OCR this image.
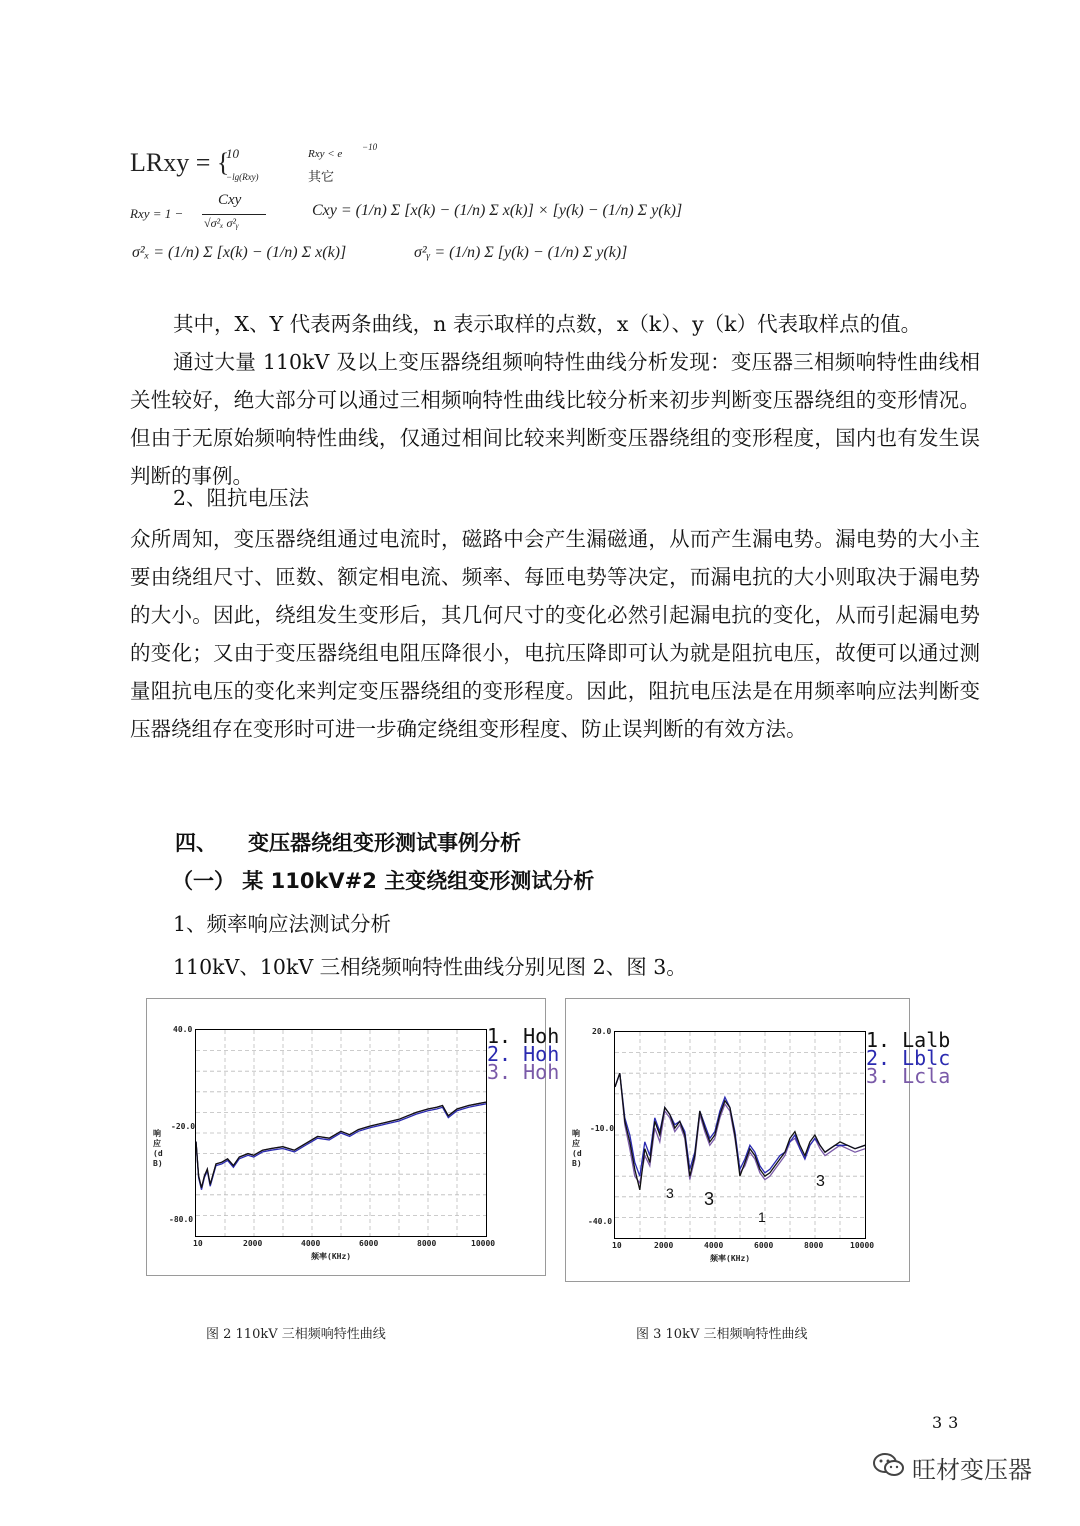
LRxy = {
10
−lg(Rxy)
Rxy < e
−10
其它
Rxy = 1 −
Cxy
√σ²ₓ σ²ᵧ
Cxy = (1/n) Σ [x(k) − (1/n) Σ x(k)] × [y(k) − (1/n) Σ y(k)]
σ²ₓ = (1/n) Σ [x(k) − (1/n) Σ x(k)]	σ²ᵧ = (1/n) Σ [y(k) − (1/n) Σ y(k)]
其中，X、Y 代表两条曲线，n 表示取样的点数，x（k）、y（k）代表取样点的值。
通过大量 110kV 及以上变压器绕组频响特性曲线分析发现：变压器三相频响特性曲线相关性较好，绝大部分可以通过三相频响特性曲线比较分析来初步判断变压器绕组的变形情况。但由于无原始频响特性曲线，仅通过相间比较来判断变压器绕组的变形程度，国内也有发生误判断的事例。
2、阻抗电压法
众所周知，变压器绕组通过电流时，磁路中会产生漏磁通，从而产生漏电势。漏电势的大小主要由绕组尺寸、匝数、额定相电流、频率、每匝电势等决定，而漏电抗的大小则取决于漏电势的大小。因此，绕组发生变形后，其几何尺寸的变化必然引起漏电抗的变化，从而引起漏电势的变化；又由于变压器绕组电阻压降很小，电抗压降即可认为就是阻抗电压，故便可以通过测量阻抗电压的变化来判定变压器绕组的变形程度。因此，阻抗电压法是在用频率响应法判断变压器绕组存在变形时可进一步确定绕组变形程度、防止误判断的有效方法。
四、 变压器绕组变形测试事例分析
（一） 某 110kV#2 主变绕组变形测试分析
1、频率响应法测试分析
110kV、10kV 三相绕频响特性曲线分别见图 2、图 3。
40.0
-20.0
-80.0
响应(dB)
10	2000	4000	6000	8000	10000
频率(KHz)
1. Hoh
2. Hoh
3. Hoh
图 2 110kV 三相频响特性曲线
20.0
-10.0
-40.0
响应(dB)
10	2000	4000	6000	8000	10000
频率(KHz)
1. Lalb
2. Lblc
3. Lcla
3 3
1
3
图 3 10kV 三相频响特性曲线
33
旺材变压器
